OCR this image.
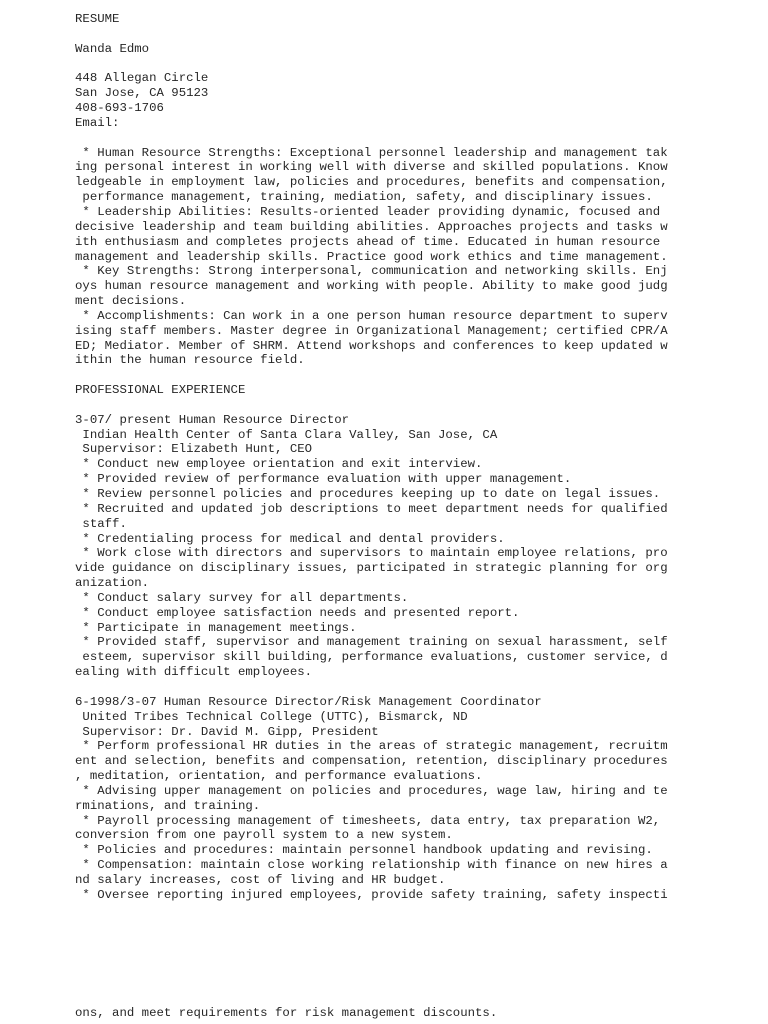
RESUME
Wanda Edmo
448 Allegan Circle
San Jose, CA 95123
408-693-1706
Email:
* Human Resource Strengths: Exceptional personnel leadership and management tak
ing personal interest in working well with diverse and skilled populations. Know
ledgeable in employment law, policies and procedures, benefits and compensation,
performance management, training, mediation, safety, and disciplinary issues.
* Leadership Abilities: Results-oriented leader providing dynamic, focused and
decisive leadership and team building abilities. Approaches projects and tasks w
ith enthusiasm and completes projects ahead of time. Educated in human resource
management and leadership skills. Practice good work ethics and time management.
* Key Strengths: Strong interpersonal, communication and networking skills. Enj
oys human resource management and working with people. Ability to make good judg
ment decisions.
* Accomplishments: Can work in a one person human resource department to superv
ising staff members. Master degree in Organizational Management; certified CPR/A
ED; Mediator. Member of SHRM. Attend workshops and conferences to keep updated w
ithin the human resource field.
PROFESSIONAL EXPERIENCE
3-07/ present Human Resource Director
Indian Health Center of Santa Clara Valley, San Jose, CA
Supervisor: Elizabeth Hunt, CEO
* Conduct new employee orientation and exit interview.
* Provided review of performance evaluation with upper management.
* Review personnel policies and procedures keeping up to date on legal issues.
* Recruited and updated job descriptions to meet department needs for qualified
staff.
* Credentialing process for medical and dental providers.
* Work close with directors and supervisors to maintain employee relations, pro
vide guidance on disciplinary issues, participated in strategic planning for org
anization.
* Conduct salary survey for all departments.
* Conduct employee satisfaction needs and presented report.
* Participate in management meetings.
* Provided staff, supervisor and management training on sexual harassment, self
esteem, supervisor skill building, performance evaluations, customer service, d
ealing with difficult employees.
6-1998/3-07 Human Resource Director/Risk Management Coordinator
United Tribes Technical College (UTTC), Bismarck, ND
Supervisor: Dr. David M. Gipp, President
* Perform professional HR duties in the areas of strategic management, recruitm
ent and selection, benefits and compensation, retention, disciplinary procedures
, meditation, orientation, and performance evaluations.
* Advising upper management on policies and procedures, wage law, hiring and te
rminations, and training.
* Payroll processing management of timesheets, data entry, tax preparation W2,
conversion from one payroll system to a new system.
* Policies and procedures: maintain personnel handbook updating and revising.
* Compensation: maintain close working relationship with finance on new hires a
nd salary increases, cost of living and HR budget.
* Oversee reporting injured employees, provide safety training, safety inspecti
ons, and meet requirements for risk management discounts.
